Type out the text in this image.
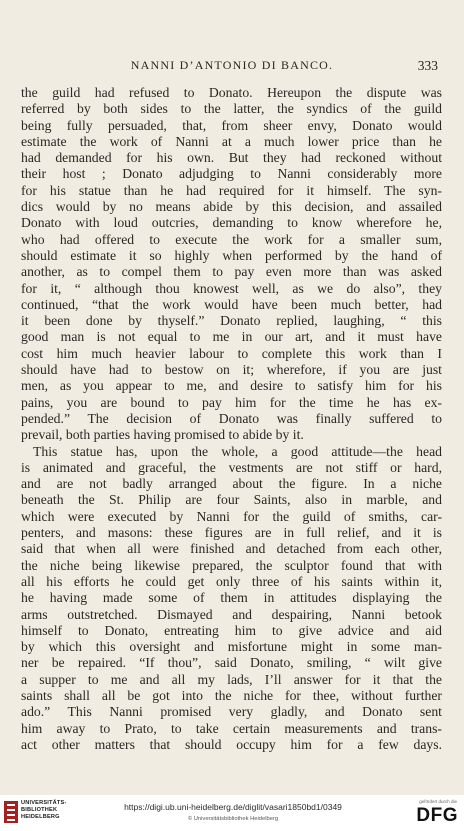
NANNI D’ANTONIO DI BANCO.	333
the guild had refused to Donato. Hereupon the dispute was
referred by both sides to the latter, the syndics of the guild
being fully persuaded, that, from sheer envy, Donato would
estimate the work of Nanni at a much lower price than he
had demanded for his own. But they had reckoned without
their host ; Donato adjudging to Nanni considerably more
for his statue than he had required for it himself. The syn-
dics would by no means abide by this decision, and assailed
Donato with loud outcries, demanding to know wherefore he,
who had offered to execute the work for a smaller sum,
should estimate it so highly when performed by the hand of
another, as to compel them to pay even more than was asked
for it, “ although thou knowest well, as we do also”, they
continued, “that the work would have been much better, had
it been done by thyself.” Donato replied, laughing, “ this
good man is not equal to me in our art, and it must have
cost him much heavier labour to complete this work than I
should have had to bestow on it; wherefore, if you are just
men, as you appear to me, and desire to satisfy him for his
pains, you are bound to pay him for the time he has ex-
pended.” The decision of Donato was finally suffered to
prevail, both parties having promised to abide by it.
This statue has, upon the whole, a good attitude—the head
is animated and graceful, the vestments are not stiff or hard,
and are not badly arranged about the figure. In a niche
beneath the St. Philip are four Saints, also in marble, and
which were executed by Nanni for the guild of smiths, car-
penters, and masons: these figures are in full relief, and it is
said that when all were finished and detached from each other,
the niche being likewise prepared, the sculptor found that with
all his efforts he could get only three of his saints within it,
he having made some of them in attitudes displaying the
arms outstretched. Dismayed and despairing, Nanni betook
himself to Donato, entreating him to give advice and aid
by which this oversight and misfortune might in some man-
ner be repaired. “If thou”, said Donato, smiling, “ wilt give
a supper to me and all my lads, I’ll answer for it that the
saints shall all be got into the niche for thee, without further
ado.” This Nanni promised very gladly, and Donato sent
him away to Prato, to take certain measurements and trans-
act other matters that should occupy him for a few days.
UNIVERSITÄTS-
BIBLIOTHEK
HEIDELBERG
https://digi.ub.uni-heidelberg.de/diglit/vasari1850bd1/0349
© Universitätsbibliothek Heidelberg
gefördert durch die
DFG
